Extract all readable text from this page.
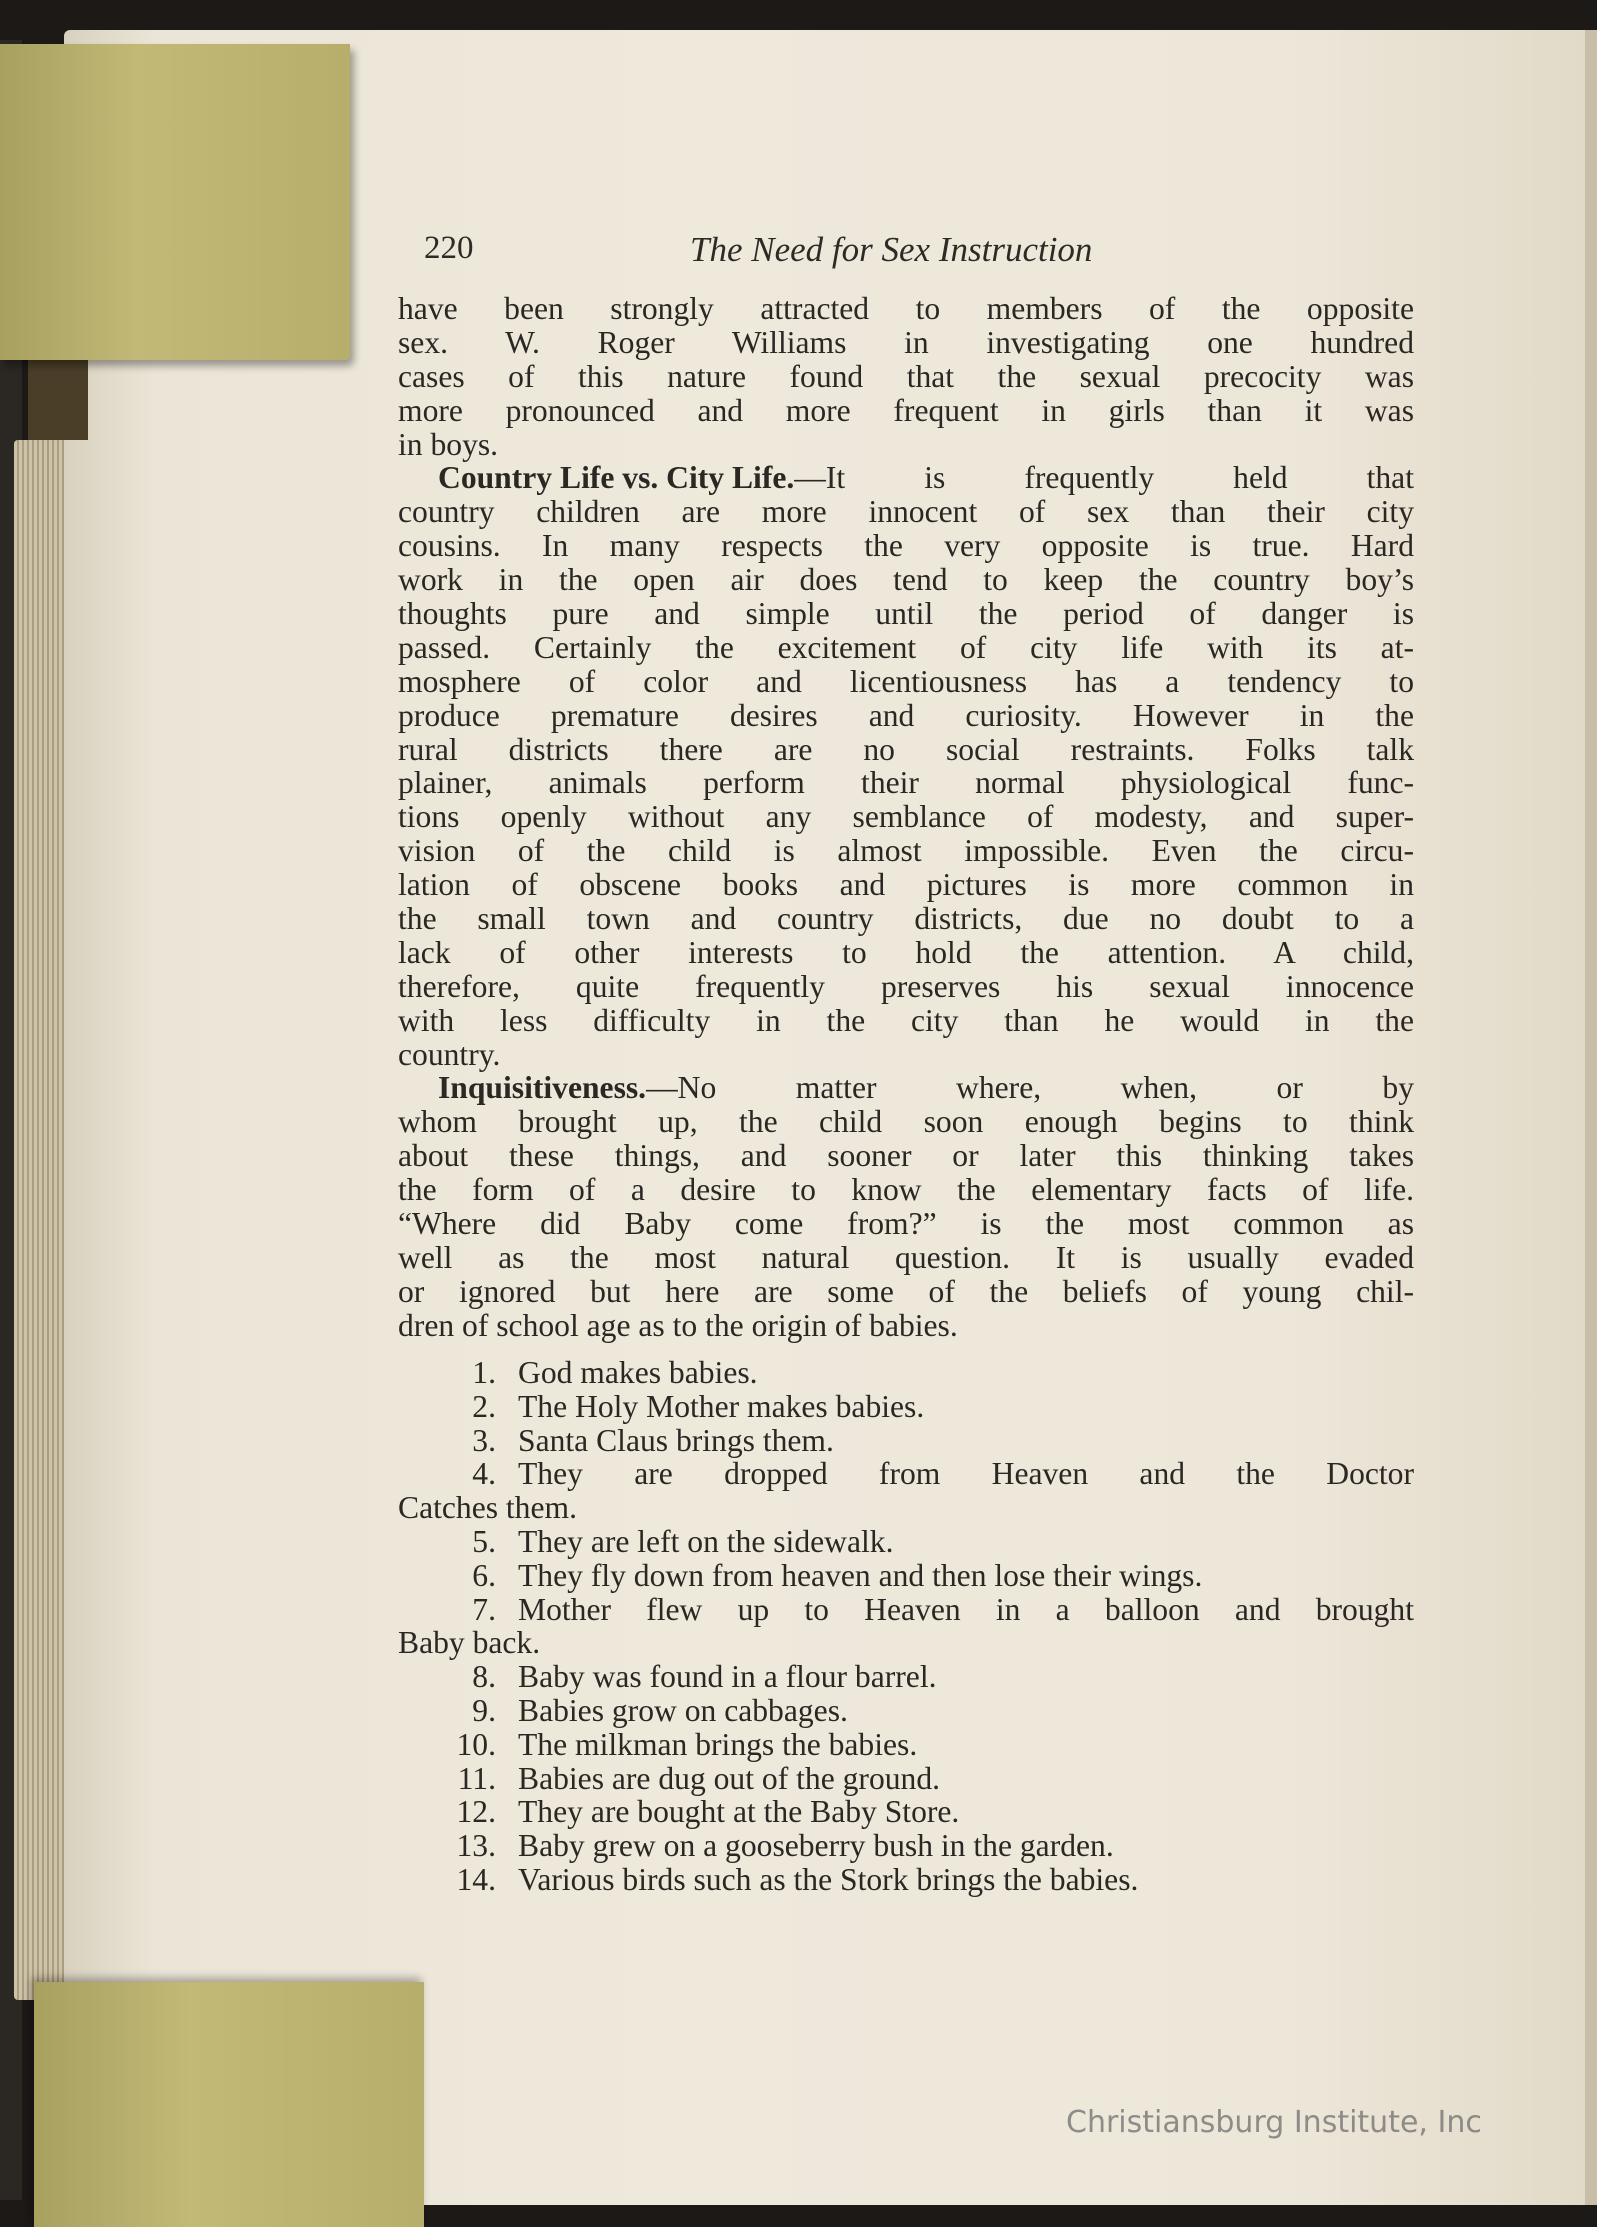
220	The Need for Sex Instruction
have been strongly attracted to members of the opposite
sex. W. Roger Williams in investigating one hundred
cases of this nature found that the sexual precocity was
more pronounced and more frequent in girls than it was
in boys.
Country Life vs. City Life. —It is frequently held that
country children are more innocent of sex than their city
cousins. In many respects the very opposite is true. Hard
work in the open air does tend to keep the country boy’s
thoughts pure and simple until the period of danger is
passed. Certainly the excitement of city life with its at-
mosphere of color and licentiousness has a tendency to
produce premature desires and curiosity. However in the
rural districts there are no social restraints. Folks talk
plainer, animals perform their normal physiological func-
tions openly without any semblance of modesty, and super-
vision of the child is almost impossible. Even the circu-
lation of obscene books and pictures is more common in
the small town and country districts, due no doubt to a
lack of other interests to hold the attention. A child,
therefore, quite frequently preserves his sexual innocence
with less difficulty in the city than he would in the
country.
Inquisitiveness. —No matter where, when, or by
whom brought up, the child soon enough begins to think
about these things, and sooner or later this thinking takes
the form of a desire to know the elementary facts of life.
“Where did Baby come from?” is the most common as
well as the most natural question. It is usually evaded
or ignored but here are some of the beliefs of young chil-
dren of school age as to the origin of babies.
1. God makes babies.
2. The Holy Mother makes babies.
3. Santa Claus brings them.
4. They are dropped from Heaven and the Doctor
Catches them.
5. They are left on the sidewalk.
6. They fly down from heaven and then lose their wings.
7. Mother flew up to Heaven in a balloon and brought
Baby back.
8. Baby was found in a flour barrel.
9. Babies grow on cabbages.
10. The milkman brings the babies.
11. Babies are dug out of the ground.
12. They are bought at the Baby Store.
13. Baby grew on a gooseberry bush in the garden.
14. Various birds such as the Stork brings the babies.
Christiansburg Institute, Inc
